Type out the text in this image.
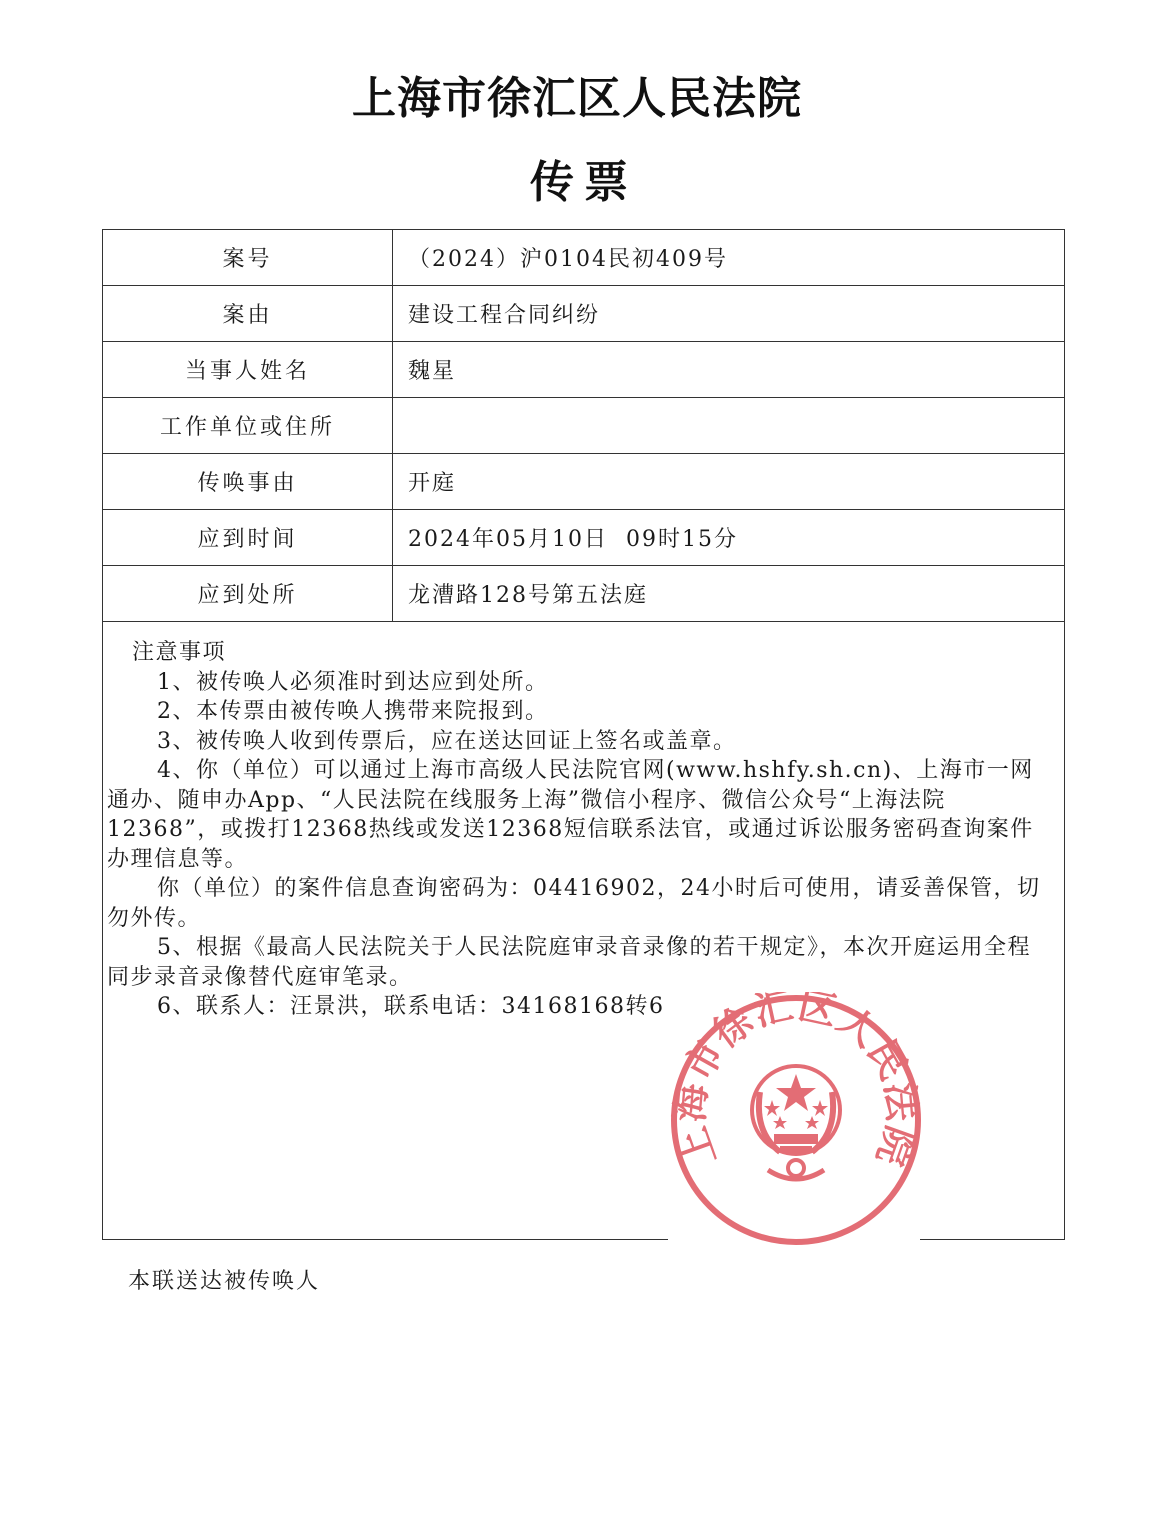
上海市徐汇区人民法院
传票
案号	（2024）沪0104民初409号
案由	建设工程合同纠纷
当事人姓名	魏星
工作单位或住所
传唤事由	开庭
应到时间	2024年05月10日  09时15分
应到处所	龙漕路128号第五法庭
注意事项

1、被传唤人必须准时到达应到处所。

2、本传票由被传唤人携带来院报到。

3、被传唤人收到传票后，应在送达回证上签名或盖章。

4、你（单位）可以通过上海市高级人民法院官网(www.hshfy.sh.cn)、上海市一网通办、随申办App、“人民法院在线服务上海”微信小程序、微信公众号“上海法院12368”，或拨打12368热线或发送12368短信联系法官，或通过诉讼服务密码查询案件办理信息等。

你（单位）的案件信息查询密码为：04416902，24小时后可使用，请妥善保管，切勿外传。

5、根据《最高人民法院关于人民法院庭审录音录像的若干规定》，本次开庭运用全程同步录音录像替代庭审笔录。

6、联系人：汪景洪，联系电话：34168168转6

上海市徐汇区人民法院
本联送达被传唤人
